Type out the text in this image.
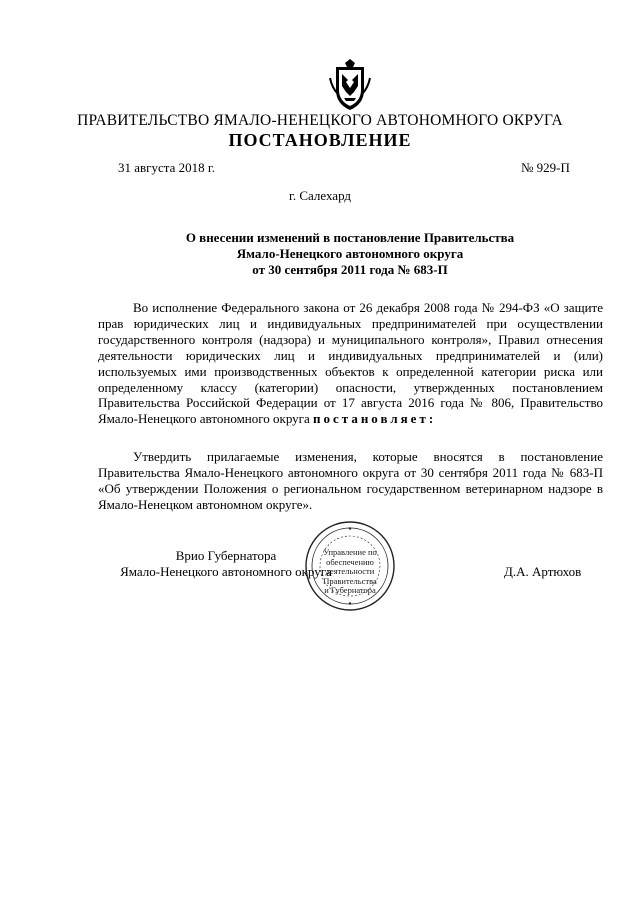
ПРАВИТЕЛЬСТВО ЯМАЛО-НЕНЕЦКОГО АВТОНОМНОГО ОКРУГА
ПОСТАНОВЛЕНИЕ
31 августа 2018 г.	№ 929-П
г. Салехард
О внесении изменений в постановление Правительства
Ямало-Ненецкого автономного округа
от 30 сентября 2011 года № 683-П
Во исполнение Федерального закона от 26 декабря 2008 года № 294-ФЗ «О защите прав юридических лиц и индивидуальных предпринимателей при осуществлении государственного контроля (надзора) и муниципального контроля», Правил отнесения деятельности юридических лиц и индивидуальных предпринимателей и (или) используемых ими производственных объектов к определенной категории риска или определенному классу (категории) опасности, утвержденных постановлением Правительства Российской Федерации от 17 августа 2016 года № 806, Правительство Ямало-Ненецкого автономного округа постановляет:
Утвердить прилагаемые изменения, которые вносятся в постановление Правительства Ямало-Ненецкого автономного округа от 30 сентября 2011 года № 683-П «Об утверждении Положения о региональном государственном ветеринарном надзоре в Ямало-Ненецком автономном округе».
Врио Губернатора
Ямало-Ненецкого автономного округа	Д.А. Артюхов
Управление по
обеспечению
деятельности
Правительства
и Губернатора
